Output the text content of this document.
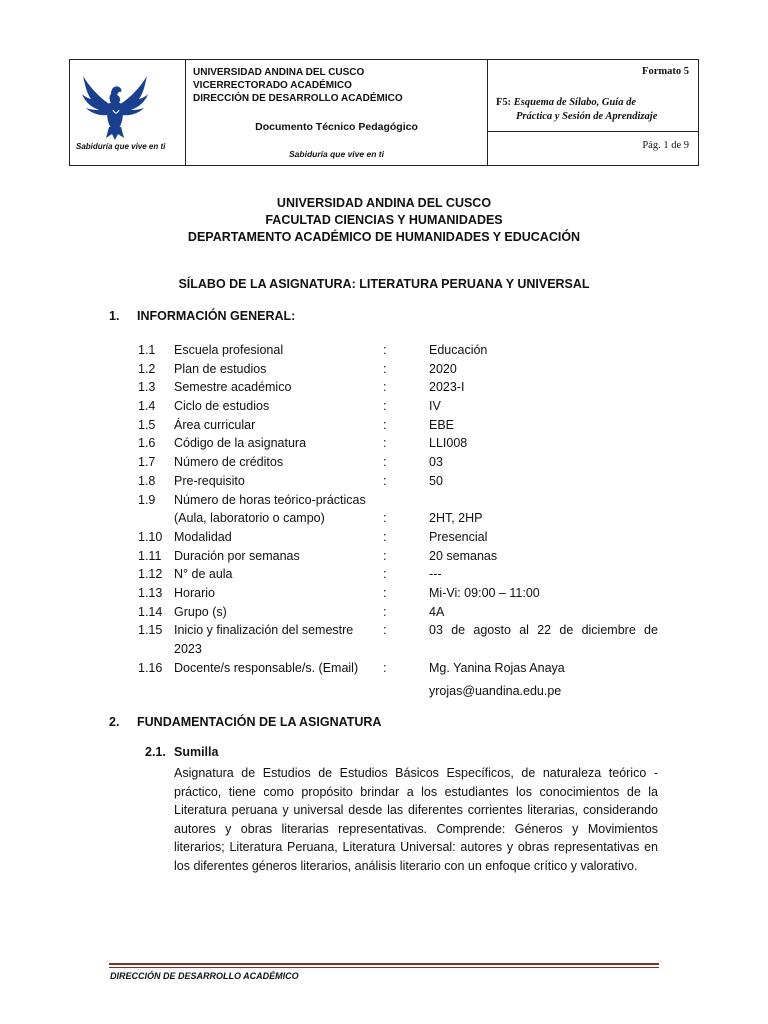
Sabiduría que vive en ti
UNIVERSIDAD ANDINA DEL CUSCO
VICERRECTORADO ACADÉMICO
DIRECCIÓN DE DESARROLLO ACADÉMICO
Documento Técnico Pedagógico
Sabiduría que vive en ti
Formato 5
F5: Esquema de Sílabo, Guía de
Práctica y Sesión de Aprendizaje
Pág. 1 de 9
UNIVERSIDAD ANDINA DEL CUSCO
FACULTAD CIENCIAS Y HUMANIDADES
DEPARTAMENTO ACADÉMICO DE HUMANIDADES Y EDUCACIÓN
SÍLABO DE LA ASIGNATURA: LITERATURA PERUANA Y UNIVERSAL
1. INFORMACIÓN GENERAL:
1.1 Escuela profesional	:	Educación
1.2 Plan de estudios	:	2020
1.3 Semestre académico	:	2023-I
1.4 Ciclo de estudios	:	IV
1.5 Área curricular	:	EBE
1.6 Código de la asignatura	:	LLI008
1.7 Número de créditos	:	03
1.8 Pre-requisito	:	50
1.9 Número de horas teórico-prácticas
(Aula, laboratorio o campo)	:	2HT, 2HP
1.10 Modalidad	:	Presencial
1.11 Duración por semanas	:	20 semanas
1.12 N° de aula	:	---
1.13 Horario	:	Mi-Vi: 09:00 – 11:00
1.14 Grupo (s)	:	4A
1.15 Inicio y finalización del semestre :	03 de agosto al 22 de diciembre de
2023
1.16 Docente/s responsable/s. (Email) :	Mg. Yanina Rojas Anaya
yrojas@uandina.edu.pe
2. FUNDAMENTACIÓN DE LA ASIGNATURA
2.1. Sumilla
Asignatura de Estudios de Estudios Básicos Específicos, de naturaleza teórico - práctico, tiene como propósito brindar a los estudiantes los conocimientos de la Literatura peruana y universal desde las diferentes corrientes literarias, considerando autores y obras literarias representativas. Comprende: Géneros y Movimientos literarios; Literatura Peruana, Literatura Universal: autores y obras representativas en los diferentes géneros literarios, análisis literario con un enfoque crítico y valorativo.
DIRECCIÓN DE DESARROLLO ACADÉMICO
